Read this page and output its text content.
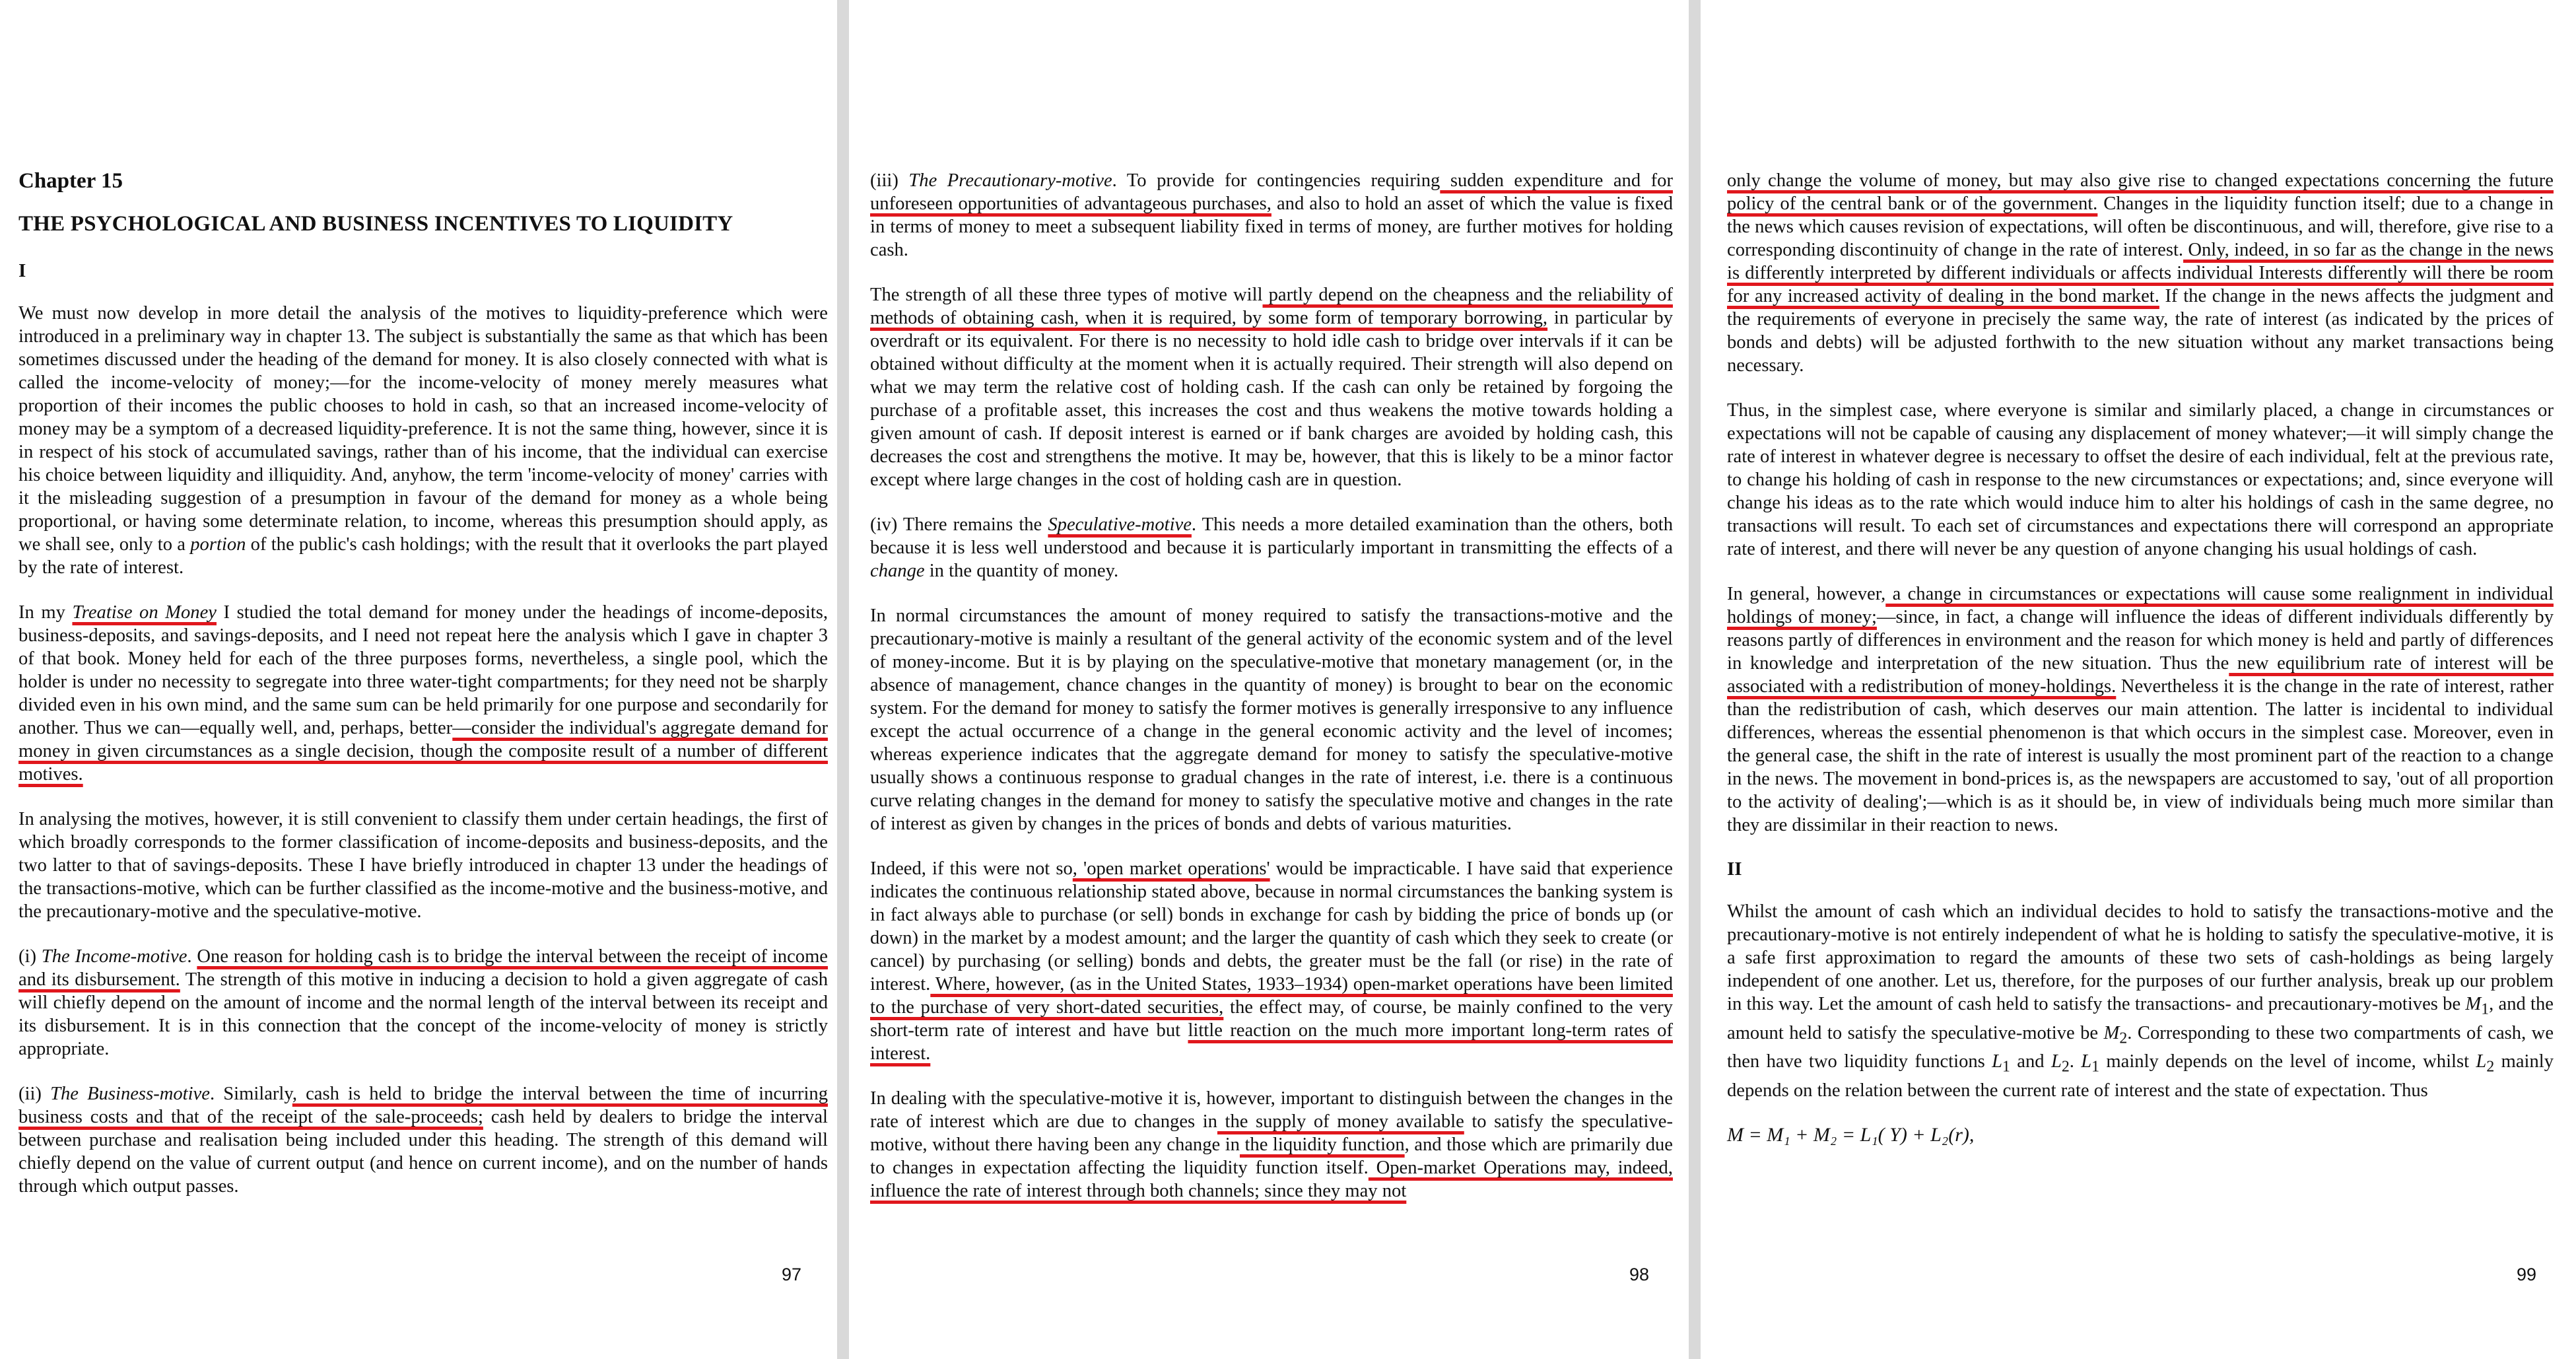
Chapter 15
THE PSYCHOLOGICAL AND BUSINESS INCENTIVES TO LIQUIDITY
I

We must now develop in more detail the analysis of the motives to liquidity-preference which were introduced in a preliminary way in chapter 13. The subject is substantially the same as that which has been sometimes discussed under the heading of the demand for money. It is also closely connected with what is called the income-velocity of money;—for the income-velocity of money merely measures what proportion of their incomes the public chooses to hold in cash, so that an increased income-velocity of money may be a symptom of a decreased liquidity-preference. It is not the same thing, however, since it is in respect of his stock of accumulated savings, rather than of his income, that the individual can exercise his choice between liquidity and illiquidity. And, anyhow, the term 'income-velocity of money' carries with it the misleading suggestion of a presumption in favour of the demand for money as a whole being proportional, or having some determinate relation, to income, whereas this presumption should apply, as we shall see, only to a portion of the public's cash holdings; with the result that it overlooks the part played by the rate of interest.

In my Treatise on Money I studied the total demand for money under the headings of income-deposits, business-deposits, and savings-deposits, and I need not repeat here the analysis which I gave in chapter 3 of that book. Money held for each of the three purposes forms, nevertheless, a single pool, which the holder is under no necessity to segregate into three water-tight compartments; for they need not be sharply divided even in his own mind, and the same sum can be held primarily for one purpose and secondarily for another. Thus we can—equally well, and, perhaps, better—consider the individual's aggregate demand for money in given circumstances as a single decision, though the composite result of a number of different motives.

In analysing the motives, however, it is still convenient to classify them under certain headings, the first of which broadly corresponds to the former classification of income-deposits and business-deposits, and the two latter to that of savings-deposits. These I have briefly introduced in chapter 13 under the headings of the transactions-motive, which can be further classified as the income-motive and the business-motive, and the precautionary-motive and the speculative-motive.

(i) The Income-motive. One reason for holding cash is to bridge the interval between the receipt of income and its disbursement. The strength of this motive in inducing a decision to hold a given aggregate of cash will chiefly depend on the amount of income and the normal length of the interval between its receipt and its disbursement. It is in this connection that the concept of the income-velocity of money is strictly appropriate.

(ii) The Business-motive. Similarly, cash is held to bridge the interval between the time of incurring business costs and that of the receipt of the sale-proceeds; cash held by dealers to bridge the interval between purchase and realisation being included under this heading. The strength of this demand will chiefly depend on the value of current output (and hence on current income), and on the number of hands through which output passes.

97

(iii) The Precautionary-motive. To provide for contingencies requiring sudden expenditure and for unforeseen opportunities of advantageous purchases, and also to hold an asset of which the value is fixed in terms of money to meet a subsequent liability fixed in terms of money, are further motives for holding cash.

The strength of all these three types of motive will partly depend on the cheapness and the reliability of methods of obtaining cash, when it is required, by some form of temporary borrowing, in particular by overdraft or its equivalent. For there is no necessity to hold idle cash to bridge over intervals if it can be obtained without difficulty at the moment when it is actually required. Their strength will also depend on what we may term the relative cost of holding cash. If the cash can only be retained by forgoing the purchase of a profitable asset, this increases the cost and thus weakens the motive towards holding a given amount of cash. If deposit interest is earned or if bank charges are avoided by holding cash, this decreases the cost and strengthens the motive. It may be, however, that this is likely to be a minor factor except where large changes in the cost of holding cash are in question.

(iv) There remains the Speculative-motive. This needs a more detailed examination than the others, both because it is less well understood and because it is particularly important in transmitting the effects of a change in the quantity of money.

In normal circumstances the amount of money required to satisfy the transactions-motive and the precautionary-motive is mainly a resultant of the general activity of the economic system and of the level of money-income. But it is by playing on the speculative-motive that monetary management (or, in the absence of management, chance changes in the quantity of money) is brought to bear on the economic system. For the demand for money to satisfy the former motives is generally irresponsive to any influence except the actual occurrence of a change in the general economic activity and the level of incomes; whereas experience indicates that the aggregate demand for money to satisfy the speculative-motive usually shows a continuous response to gradual changes in the rate of interest, i.e. there is a continuous curve relating changes in the demand for money to satisfy the speculative motive and changes in the rate of interest as given by changes in the prices of bonds and debts of various maturities.

Indeed, if this were not so, 'open market operations' would be impracticable. I have said that experience indicates the continuous relationship stated above, because in normal circumstances the banking system is in fact always able to purchase (or sell) bonds in exchange for cash by bidding the price of bonds up (or down) in the market by a modest amount; and the larger the quantity of cash which they seek to create (or cancel) by purchasing (or selling) bonds and debts, the greater must be the fall (or rise) in the rate of interest. Where, however, (as in the United States, 1933–1934) open-market operations have been limited to the purchase of very short-dated securities, the effect may, of course, be mainly confined to the very short-term rate of interest and have but little reaction on the much more important long-term rates of interest.

In dealing with the speculative-motive it is, however, important to distinguish between the changes in the rate of interest which are due to changes in the supply of money available to satisfy the speculative-motive, without there having been any change in the liquidity function, and those which are primarily due to changes in expectation affecting the liquidity function itself. Open-market Operations may, indeed, influence the rate of interest through both channels; since they may not

98

only change the volume of money, but may also give rise to changed expectations concerning the future policy of the central bank or of the government. Changes in the liquidity function itself; due to a change in the news which causes revision of expectations, will often be discontinuous, and will, therefore, give rise to a corresponding discontinuity of change in the rate of interest. Only, indeed, in so far as the change in the news is differently interpreted by different individuals or affects individual Interests differently will there be room for any increased activity of dealing in the bond market. If the change in the news affects the judgment and the requirements of everyone in precisely the same way, the rate of interest (as indicated by the prices of bonds and debts) will be adjusted forthwith to the new situation without any market transactions being necessary.

Thus, in the simplest case, where everyone is similar and similarly placed, a change in circumstances or expectations will not be capable of causing any displacement of money whatever;—it will simply change the rate of interest in whatever degree is necessary to offset the desire of each individual, felt at the previous rate, to change his holding of cash in response to the new circumstances or expectations; and, since everyone will change his ideas as to the rate which would induce him to alter his holdings of cash in the same degree, no transactions will result. To each set of circumstances and expectations there will correspond an appropriate rate of interest, and there will never be any question of anyone changing his usual holdings of cash.

In general, however, a change in circumstances or expectations will cause some realignment in individual holdings of money;—since, in fact, a change will influence the ideas of different individuals differently by reasons partly of differences in environment and the reason for which money is held and partly of differences in knowledge and interpretation of the new situation. Thus the new equilibrium rate of interest will be associated with a redistribution of money-holdings. Nevertheless it is the change in the rate of interest, rather than the redistribution of cash, which deserves our main attention. The latter is incidental to individual differences, whereas the essential phenomenon is that which occurs in the simplest case. Moreover, even in the general case, the shift in the rate of interest is usually the most prominent part of the reaction to a change in the news. The movement in bond-prices is, as the newspapers are accustomed to say, 'out of all proportion to the activity of dealing';—which is as it should be, in view of individuals being much more similar than they are dissimilar in their reaction to news.

II

Whilst the amount of cash which an individual decides to hold to satisfy the transactions-motive and the precautionary-motive is not entirely independent of what he is holding to satisfy the speculative-motive, it is a safe first approximation to regard the amounts of these two sets of cash-holdings as being largely independent of one another. Let us, therefore, for the purposes of our further analysis, break up our problem in this way. Let the amount of cash held to satisfy the transactions- and precautionary-motives be $M_1$, and the amount held to satisfy the speculative-motive be $M_2$. Corresponding to these two compartments of cash, we then have two liquidity functions $L_1$ and $L_2$. $L_1$ mainly depends on the level of income, whilst $L_2$ mainly depends on the relation between the current rate of interest and the state of expectation. Thus

M = M₁ + M₂ = L₁( Y) + L₂(r),
99
